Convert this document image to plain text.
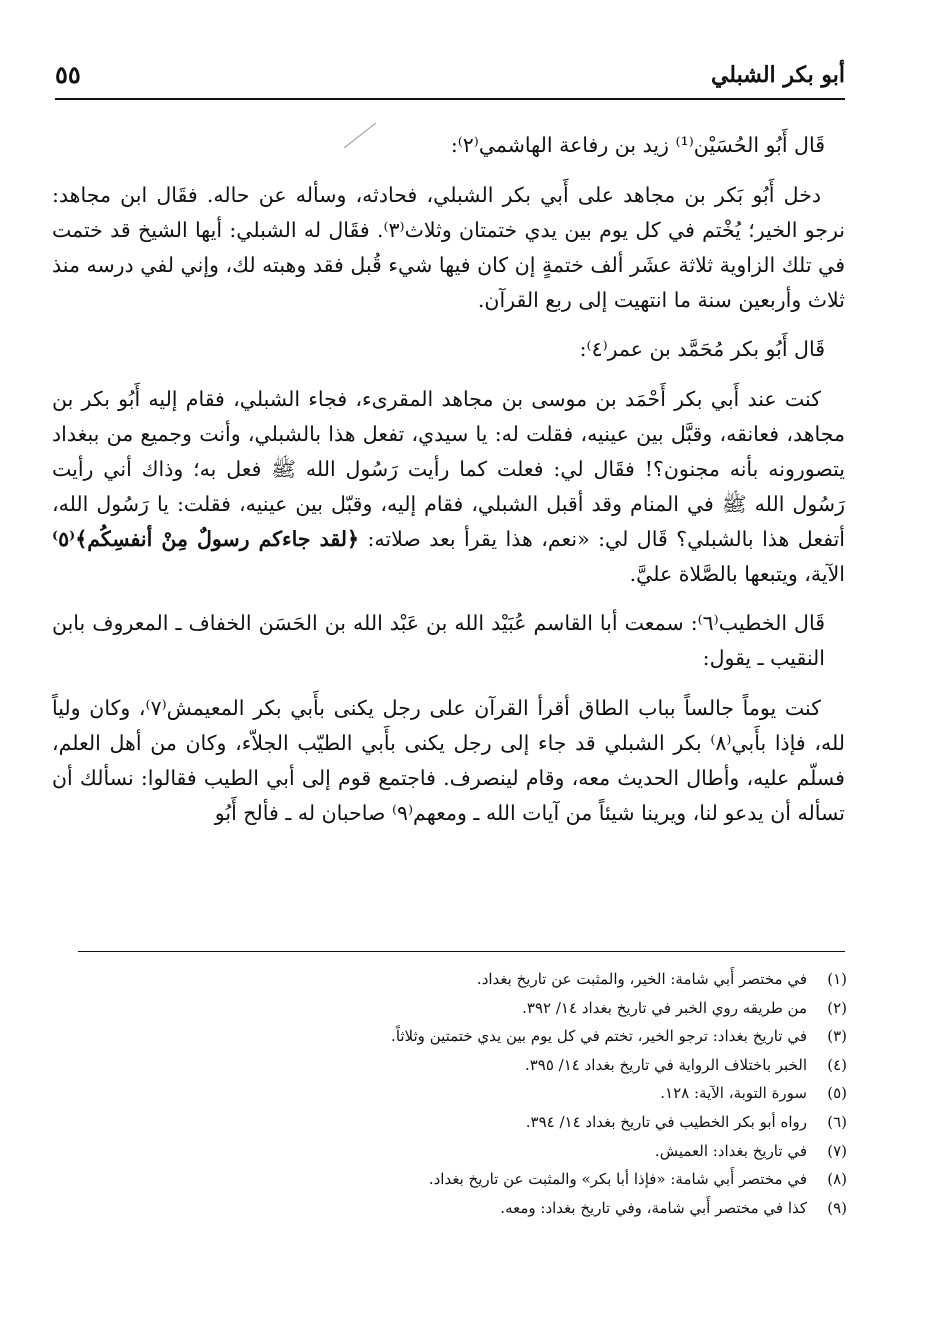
أبو بكر الشبلي
٥٥

قَال أَبُو الحُسَيْن⁽¹⁾ زيد بن رفاعة الهاشمي⁽٢⁾:

دخل أَبُو بَكر بن مجاهد على أَبي بكر الشبلي، فحادثه، وسأله عن حاله. فقَال ابن مجاهد: نرجو الخير؛ يُخْتم في كل يوم بين يدي ختمتان وثلاث⁽٣⁾. فقَال له الشبلي: أيها الشيخ قد ختمت في تلك الزاوية ثلاثة عشَر ألف ختمةٍ إن كان فيها شيء قُبل فقد وهبته لك، وإني لفي درسه منذ ثلاث وأربعين سنة ما انتهيت إلى ربع القرآن.

قَال أَبُو بكر مُحَمَّد بن عمر⁽٤⁾:

كنت عند أَبي بكر أَحْمَد بن موسى بن مجاهد المقرىء، فجاء الشبلي، فقام إليه أَبُو بكر بن مجاهد، فعانقه، وقبَّل بين عينيه، فقلت له: يا سيدي، تفعل هذا بالشبلي، وأنت وجميع من ببغداد يتصورونه بأنه مجنون؟! فقَال لي: فعلت كما رأيت رَسُول الله ﷺ فعل به؛ وذاك أني رأيت رَسُول الله ﷺ في المنام وقد أقبل الشبلي، فقام إليه، وقبّل بين عينيه، فقلت: يا رَسُول الله، أتفعل هذا بالشبلي؟ قَال لي: «نعم، هذا يقرأ بعد صلاته: ﴿لقد جاءكم رسولٌ مِنْ أنفسِكُم﴾⁽٥⁾ الآية، ويتبعها بالصَّلاة عليَّ.

قَال الخطيب⁽٦⁾: سمعت أبا القاسم عُبَيْد الله بن عَبْد الله بن الحَسَن الخفاف ـ المعروف بابن النقيب ـ يقول:

كنت يوماً جالساً بباب الطاق أقرأ القرآن على رجل يكنى بأَبي بكر المعيمش⁽٧⁾، وكان ولياً لله، فإذا بأَبي⁽٨⁾ بكر الشبلي قد جاء إلى رجل يكنى بأَبي الطيّب الجلاّء، وكان من أهل العلم، فسلّم عليه، وأطال الحديث معه، وقام لينصرف. فاجتمع قوم إلى أبي الطيب فقالوا: نسألك أن تسأله أن يدعو لنا، ويرينا شيئاً من آيات الله ـ ومعهم⁽٩⁾ صاحبان له ـ فألح أَبُو

(١)
في مختصر أَبي شامة: الخير، والمثبت عن تاريخ بغداد.
(٢)
من طريقه روي الخبر في تاريخ بغداد ١٤/ ٣٩٢.
(٣)
في تاريخ بغداد: ترجو الخير، تختم في كل يوم بين يدي ختمتين وثلاثاً.
(٤)
الخبر باختلاف الرواية في تاريخ بغداد ١٤/ ٣٩٥.
(٥)
سورة التوبة، الآية: ١٢٨.
(٦)
رواه أبو بكر الخطيب في تاريخ بغداد ١٤/ ٣٩٤.
(٧)
في تاريخ بغداد: العميش.
(٨)
في مختصر أَبي شامة: «فإذا أبا بكر» والمثبت عن تاريخ بغداد.
(٩)
كذا في مختصر أَبي شامة، وفي تاريخ بغداد: ومعه.
